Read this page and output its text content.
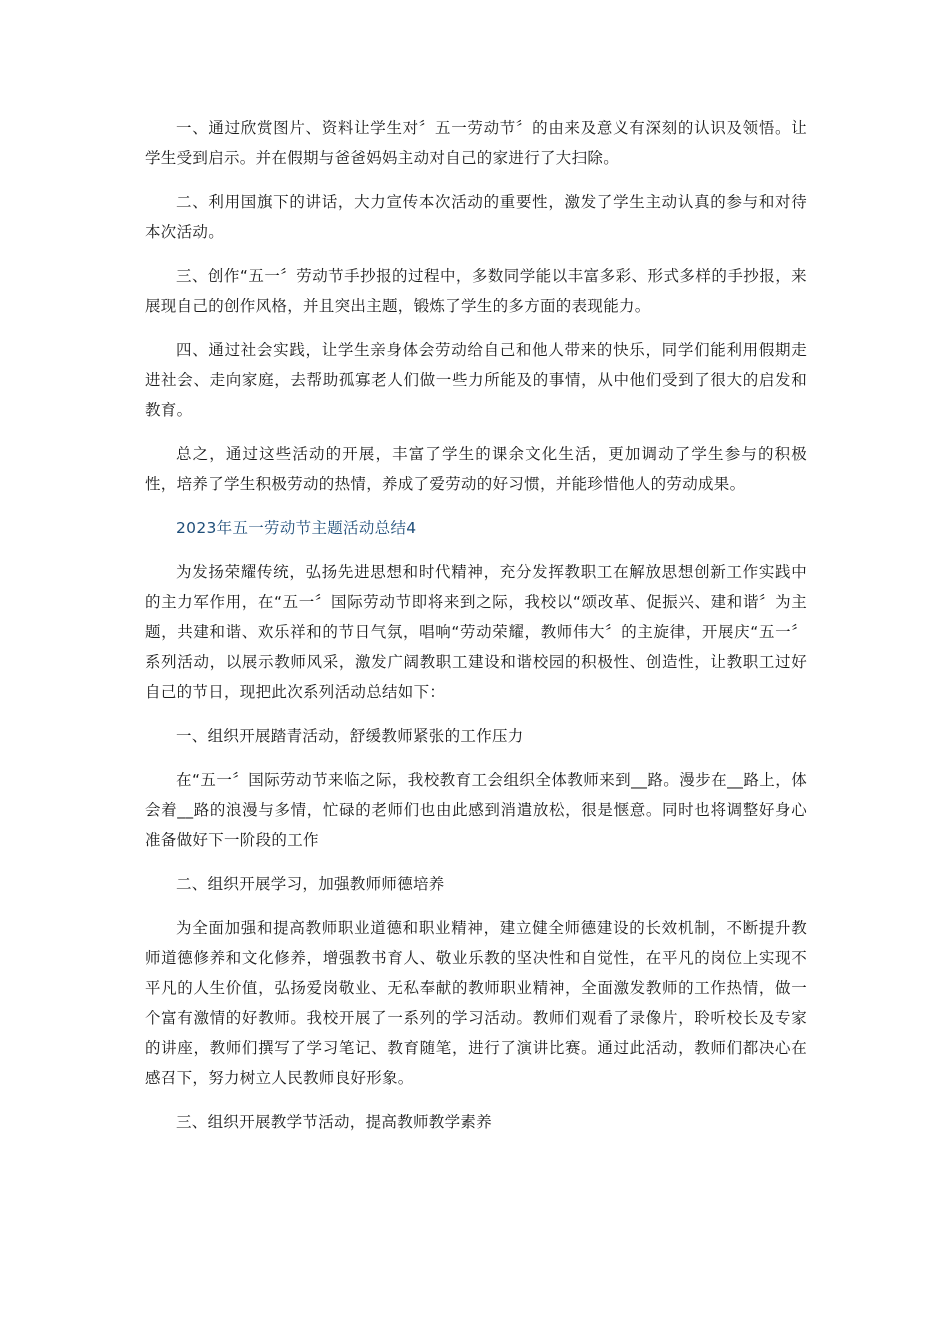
一、通过欣赏图片、资料让学生对〞五一劳动节〞的由来及意义有深刻的认识及领悟。让学生受到启示。并在假期与爸爸妈妈主动对自己的家进行了大扫除。

二、利用国旗下的讲话，大力宣传本次活动的重要性，激发了学生主动认真的参与和对待本次活动。

三、创作“五一〞劳动节手抄报的过程中，多数同学能以丰富多彩、形式多样的手抄报，来展现自己的创作风格，并且突出主题，锻炼了学生的多方面的表现能力。

四、通过社会实践，让学生亲身体会劳动给自己和他人带来的快乐，同学们能利用假期走进社会、走向家庭，去帮助孤寡老人们做一些力所能及的事情，从中他们受到了很大的启发和教育。

总之，通过这些活动的开展，丰富了学生的课余文化生活，更加调动了学生参与的积极性，培养了学生积极劳动的热情，养成了爱劳动的好习惯，并能珍惜他人的劳动成果。

2023年五一劳动节主题活动总结4

为发扬荣耀传统，弘扬先进思想和时代精神，充分发挥教职工在解放思想创新工作实践中的主力军作用，在“五一〞国际劳动节即将来到之际，我校以“颂改革、促振兴、建和谐〞为主题，共建和谐、欢乐祥和的节日气氛，唱响“劳动荣耀，教师伟大〞的主旋律，开展庆“五一〞系列活动，以展示教师风采，激发广阔教职工建设和谐校园的积极性、创造性，让教职工过好自己的节日，现把此次系列活动总结如下：

一、组织开展踏青活动，舒缓教师紧张的工作压力

在“五一〞国际劳动节来临之际，我校教育工会组织全体教师来到__路。漫步在__路上，体会着__路的浪漫与多情，忙碌的老师们也由此感到消遣放松，很是惬意。同时也将调整好身心准备做好下一阶段的工作

二、组织开展学习，加强教师师德培养

为全面加强和提高教师职业道德和职业精神，建立健全师德建设的长效机制，不断提升教师道德修养和文化修养，增强教书育人、敬业乐教的坚决性和自觉性，在平凡的岗位上实现不平凡的人生价值，弘扬爱岗敬业、无私奉献的教师职业精神，全面激发教师的工作热情，做一个富有激情的好教师。我校开展了一系列的学习活动。教师们观看了录像片，聆听校长及专家的讲座，教师们撰写了学习笔记、教育随笔，进行了演讲比赛。通过此活动，教师们都决心在感召下，努力树立人民教师良好形象。

三、组织开展教学节活动，提高教师教学素养
